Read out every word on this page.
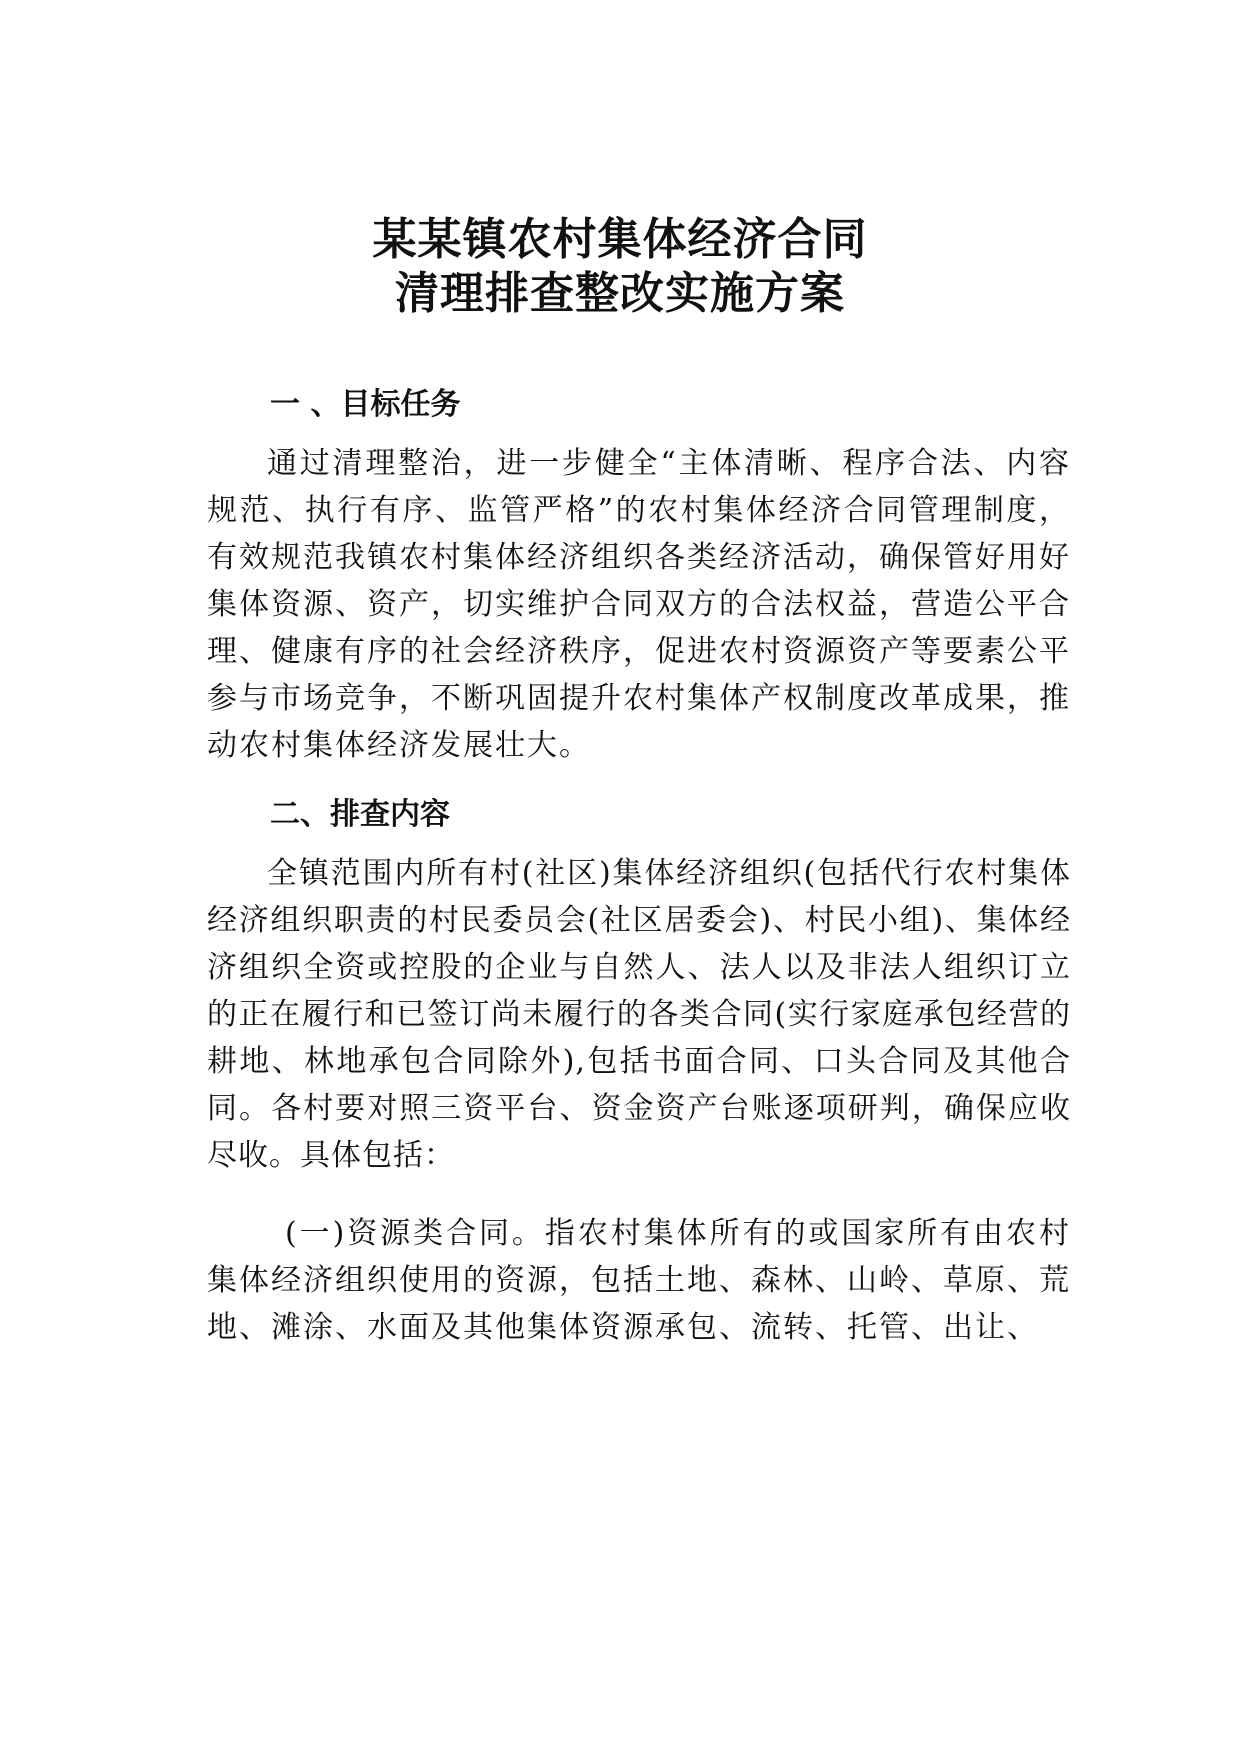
某某镇农村集体经济合同
清理排查整改实施方案
一 、目标任务

通过清理整治，进一步健全“主体清晰、程序合法、内容规范、执行有序、监管严格”的农村集体经济合同管理制度，有效规范我镇农村集体经济组织各类经济活动，确保管好用好集体资源、资产，切实维护合同双方的合法权益，营造公平合理、健康有序的社会经济秩序，促进农村资源资产等要素公平参与市场竞争，不断巩固提升农村集体产权制度改革成果，推动农村集体经济发展壮大。

二、排查内容

全镇范围内所有村(社区)集体经济组织(包括代行农村集体经济组织职责的村民委员会(社区居委会)、村民小组)、集体经济组织全资或控股的企业与自然人、法人以及非法人组织订立的正在履行和已签订尚未履行的各类合同(实行家庭承包经营的耕地、林地承包合同除外),包括书面合同、口头合同及其他合同。各村要对照三资平台、资金资产台账逐项研判，确保应收尽收。具体包括：

(一)资源类合同。指农村集体所有的或国家所有由农村集体经济组织使用的资源，包括土地、森林、山岭、草原、荒地、滩涂、水面及其他集体资源承包、流转、托管、出让、
